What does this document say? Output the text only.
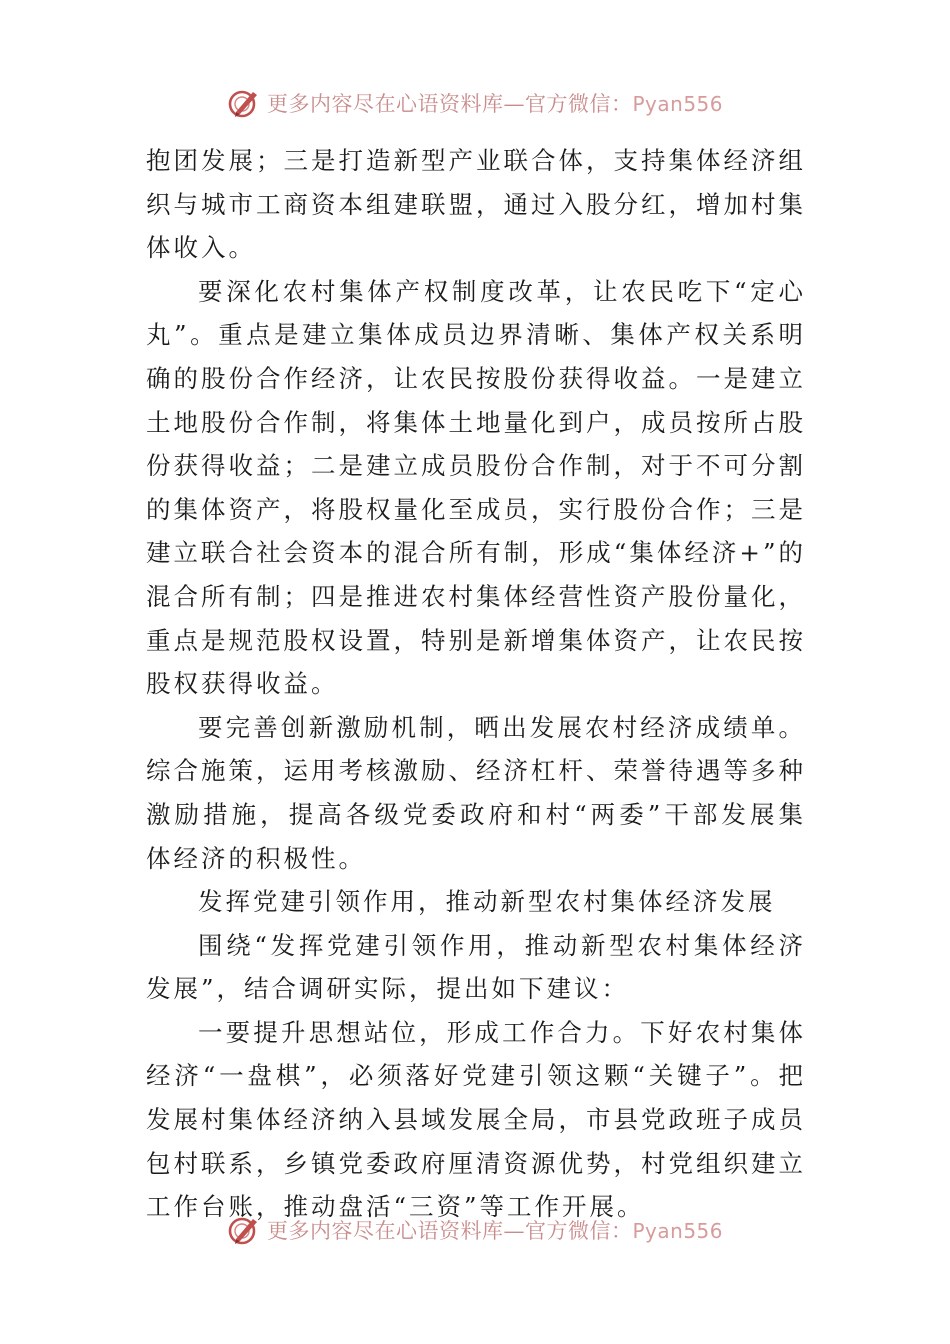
更多内容尽在心语资料库—官方微信：Pyan556

抱团发展；三是打造新型产业联合体，支持集体经济组织与城市工商资本组建联盟，通过入股分红，增加村集体收入。

要深化农村集体产权制度改革，让农民吃下“定心丸”。重点是建立集体成员边界清晰、集体产权关系明确的股份合作经济，让农民按股份获得收益。一是建立土地股份合作制，将集体土地量化到户，成员按所占股份获得收益；二是建立成员股份合作制，对于不可分割的集体资产，将股权量化至成员，实行股份合作；三是建立联合社会资本的混合所有制，形成“集体经济+”的混合所有制；四是推进农村集体经营性资产股份量化，重点是规范股权设置，特别是新增集体资产，让农民按股权获得收益。

要完善创新激励机制，晒出发展农村经济成绩单。综合施策，运用考核激励、经济杠杆、荣誉待遇等多种激励措施，提高各级党委政府和村“两委”干部发展集体经济的积极性。

发挥党建引领作用，推动新型农村集体经济发展

围绕“发挥党建引领作用，推动新型农村集体经济发展”，结合调研实际，提出如下建议：

一要提升思想站位，形成工作合力。下好农村集体经济“一盘棋”，必须落好党建引领这颗“关键子”。把发展村集体经济纳入县域发展全局，市县党政班子成员包村联系，乡镇党委政府厘清资源优势，村党组织建立工作台账，推动盘活“三资”等工作开展。

更多内容尽在心语资料库—官方微信：Pyan556
